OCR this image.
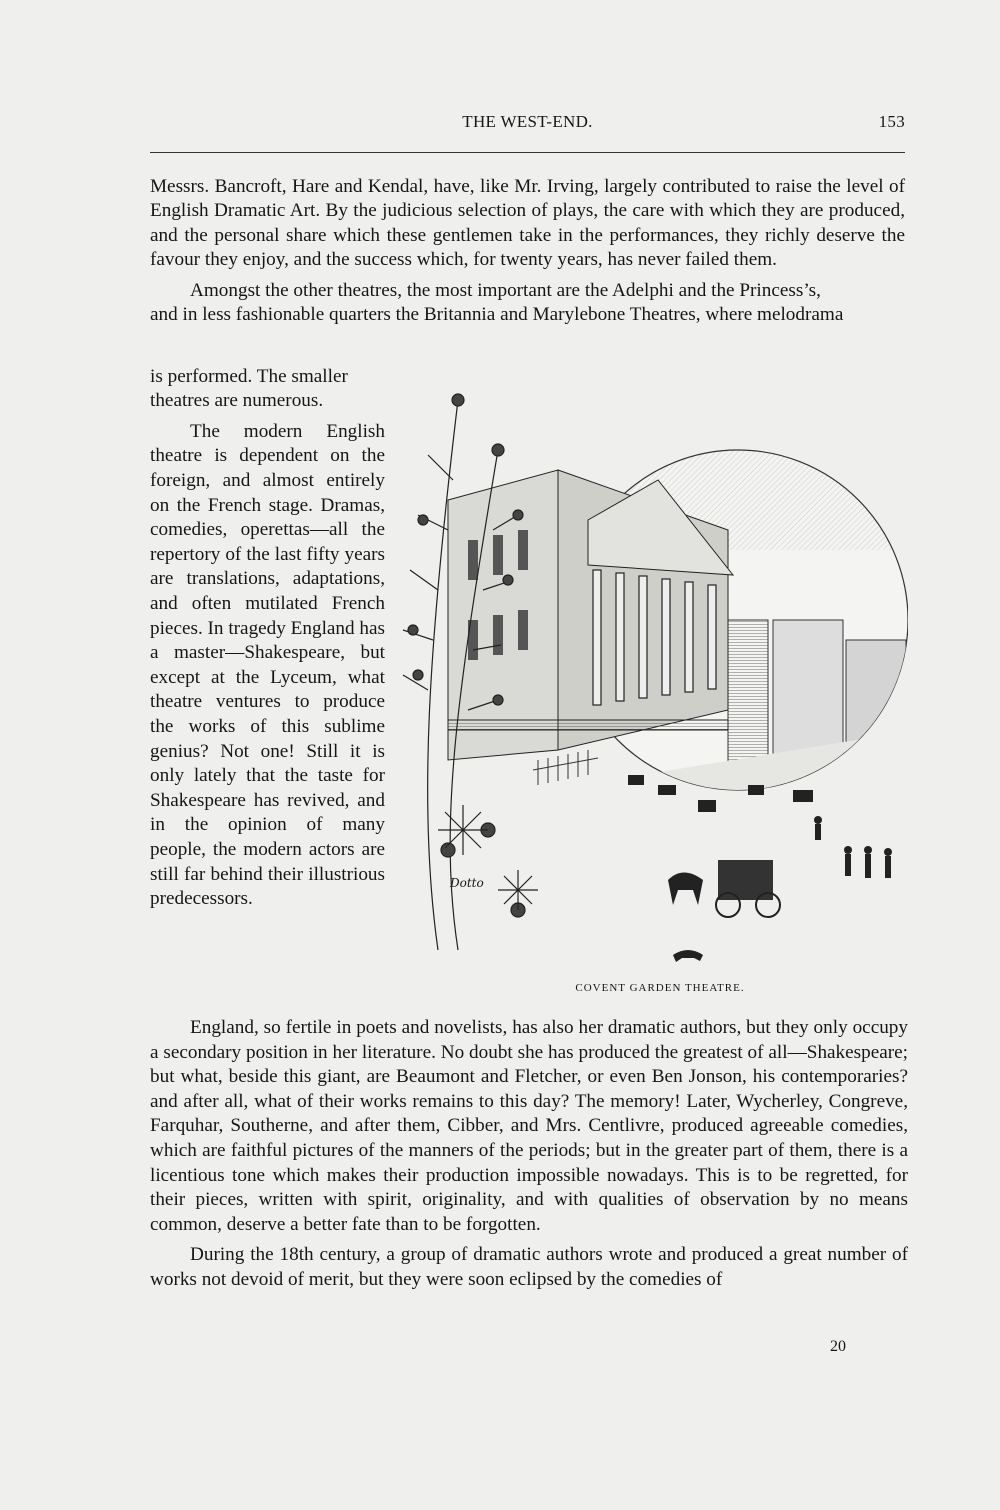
THE WEST-END.	153

Messrs. Bancroft, Hare and Kendal, have, like Mr. Irving, largely contributed to raise the level of English Dramatic Art. By the judicious selection of plays, the care with which they are produced, and the personal share which these gentlemen take in the performances, they richly deserve the favour they enjoy, and the success which, for twenty years, has never failed them.

Amongst the other theatres, the most important are the Adelphi and the Princess’s,

and in less fashionable quarters the Britannia and Marylebone Theatres, where melodrama

is performed. The smaller

theatres are numerous.

The modern English theatre is dependent on the foreign, and almost entirely on the French stage. Dramas, comedies, operettas—all the repertory of the last fifty years are translations, adaptations, and often mutilated French pieces. In tragedy England has a master—Shakespeare, but except at the Lyceum, what theatre ventures to produce the works of this sublime genius? Not one! Still it is only lately that the taste for Shakespeare has revived, and in the opinion of many people, the modern actors are still far behind their illustrious predecessors.

Dotto
COVENT GARDEN THEATRE.

England, so fertile in poets and novelists, has also her dramatic authors, but they only occupy a secondary position in her literature. No doubt she has produced the greatest of all—Shakespeare; but what, beside this giant, are Beaumont and Fletcher, or even Ben Jonson, his contemporaries? and after all, what of their works remains to this day? The memory! Later, Wycherley, Congreve, Farquhar, Southerne, and after them, Cibber, and Mrs. Centlivre, produced agreeable comedies, which are faithful pictures of the manners of the periods; but in the greater part of them, there is a licentious tone which makes their production impossible nowadays. This is to be regretted, for their pieces, written with spirit, originality, and with qualities of observation by no means common, deserve a better fate than to be forgotten.

During the 18th century, a group of dramatic authors wrote and produced a great number of works not devoid of merit, but they were soon eclipsed by the comedies of

20
